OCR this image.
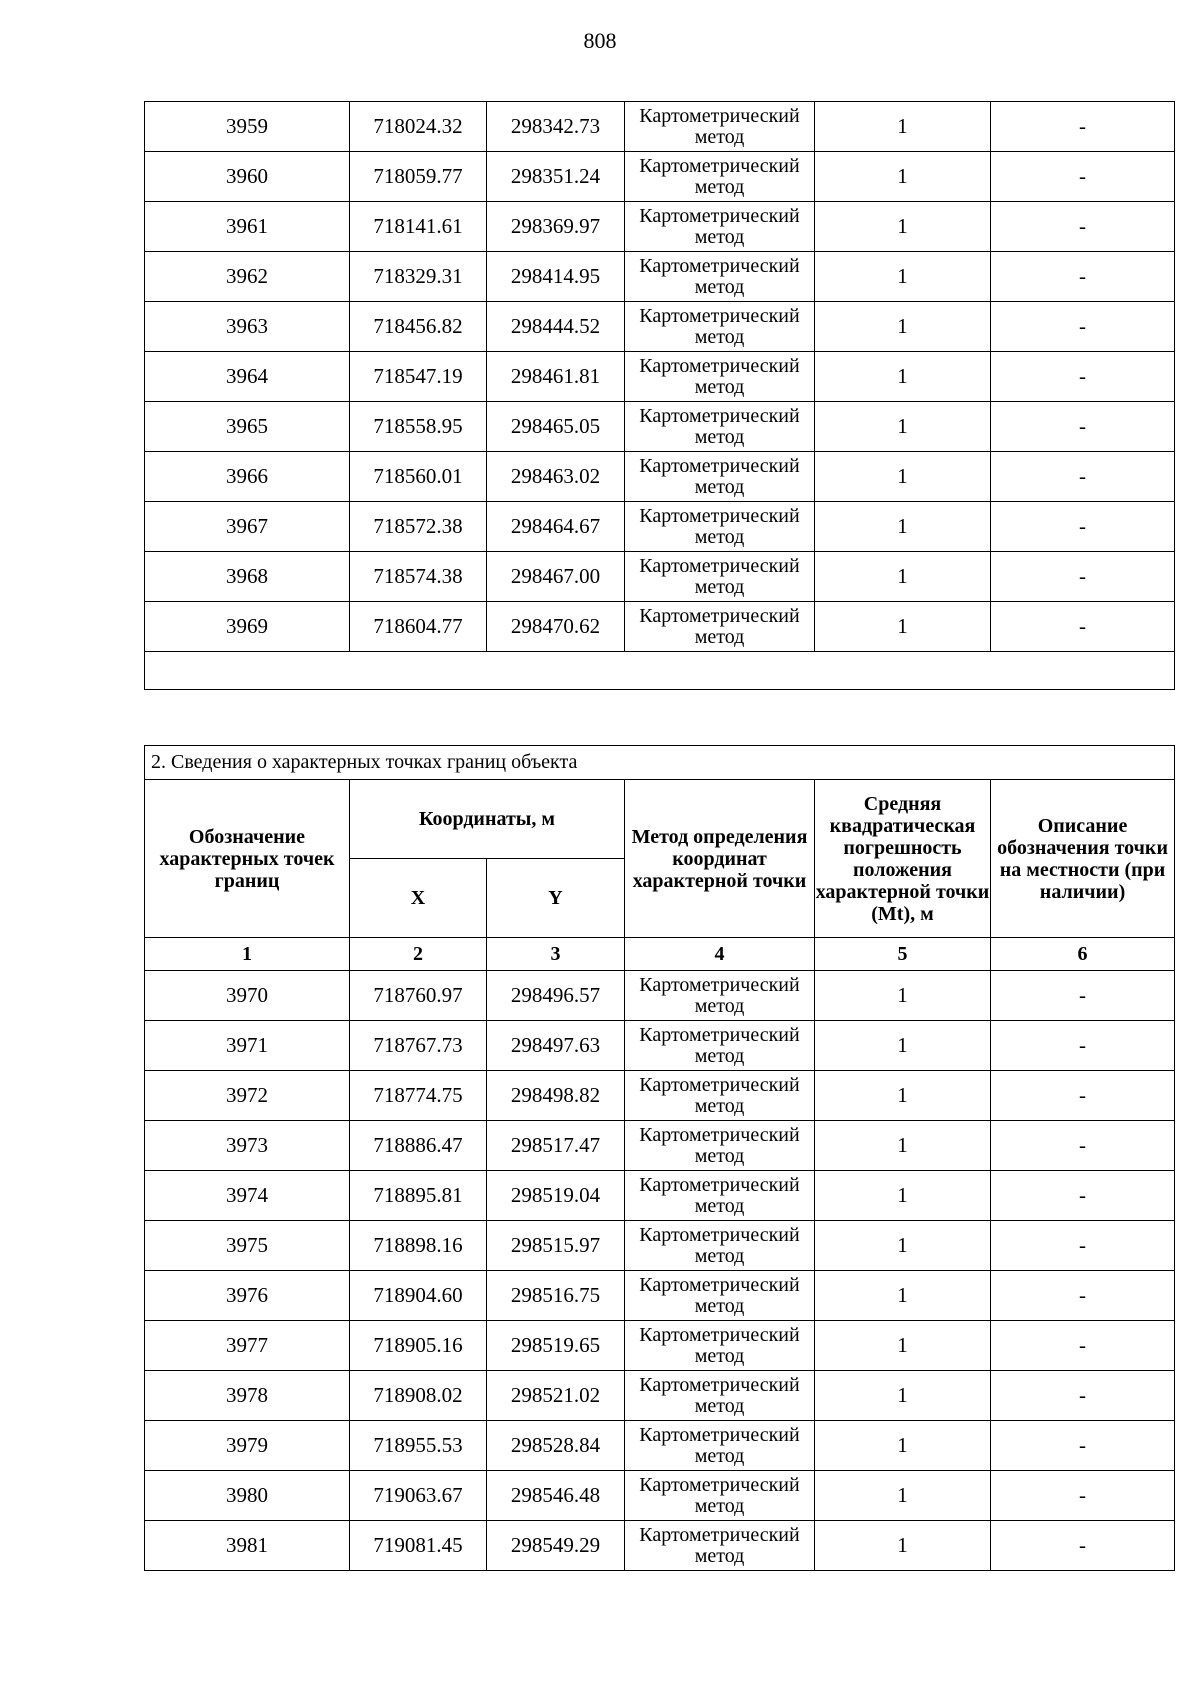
808
3959	718024.32	298342.73	Картометрический метод	1	-
3960	718059.77	298351.24	Картометрический метод	1	-
3961	718141.61	298369.97	Картометрический метод	1	-
3962	718329.31	298414.95	Картометрический метод	1	-
3963	718456.82	298444.52	Картометрический метод	1	-
3964	718547.19	298461.81	Картометрический метод	1	-
3965	718558.95	298465.05	Картометрический метод	1	-
3966	718560.01	298463.02	Картометрический метод	1	-
3967	718572.38	298464.67	Картометрический метод	1	-
3968	718574.38	298467.00	Картометрический метод	1	-
3969	718604.77	298470.62	Картометрический метод	1	-

2. Сведения о характерных точках границ объекта					
Обозначение характерных точек границ	Координаты, м		Метод определения координат характерной точки	Средняя квадратическая погрешность положения характерной точки (Mt), м	Описание обозначения точки на местности (при наличии)
	X	Y			
1	2	3	4	5	6
3970	718760.97	298496.57	Картометрический метод	1	-
3971	718767.73	298497.63	Картометрический метод	1	-
3972	718774.75	298498.82	Картометрический метод	1	-
3973	718886.47	298517.47	Картометрический метод	1	-
3974	718895.81	298519.04	Картометрический метод	1	-
3975	718898.16	298515.97	Картометрический метод	1	-
3976	718904.60	298516.75	Картометрический метод	1	-
3977	718905.16	298519.65	Картометрический метод	1	-
3978	718908.02	298521.02	Картометрический метод	1	-
3979	718955.53	298528.84	Картометрический метод	1	-
3980	719063.67	298546.48	Картометрический метод	1	-
3981	719081.45	298549.29	Картометрический метод	1	-
